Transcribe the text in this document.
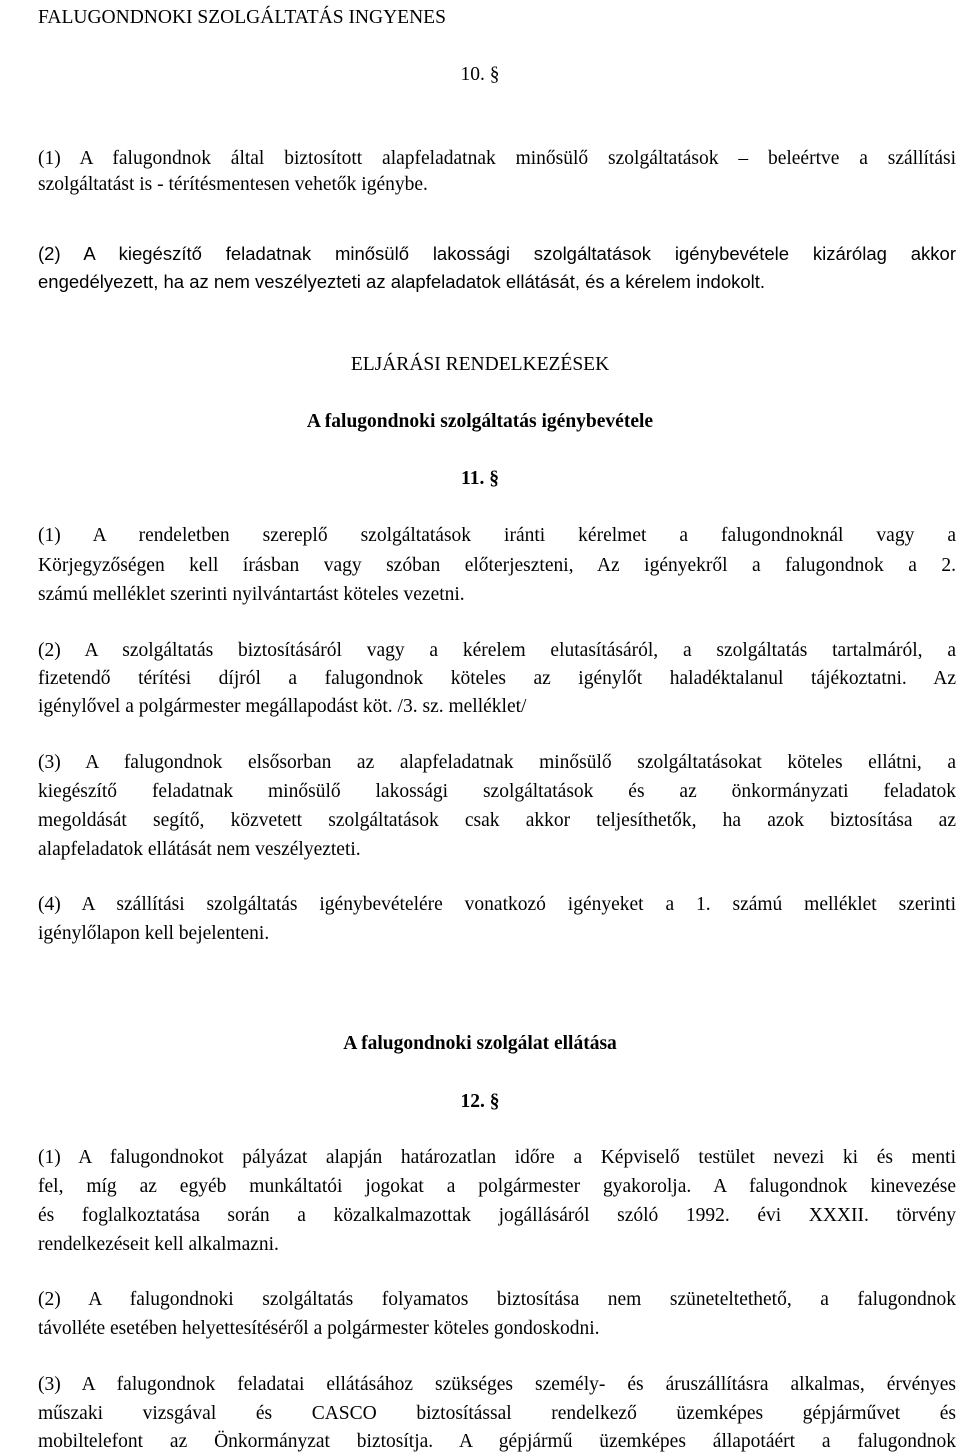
FALUGONDNOKI SZOLGÁLTATÁS INGYENES
10. §
(1) A falugondnok által biztosított alapfeladatnak minősülő szolgáltatások – beleértve a szállítási
szolgáltatást is - térítésmentesen vehetők igénybe.
(2) A kiegészítő feladatnak minősülő lakossági szolgáltatások igénybevétele kizárólag akkor
engedélyezett, ha az nem veszélyezteti az alapfeladatok ellátását, és a kérelem indokolt.
ELJÁRÁSI RENDELKEZÉSEK
A falugondnoki szolgáltatás igénybevétele
11. §
(1) A rendeletben szereplő szolgáltatások iránti kérelmet a falugondnoknál vagy a
Körjegyzőségen kell írásban vagy szóban előterjeszteni, Az igényekről a falugondnok a 2.
számú melléklet szerinti nyilvántartást köteles vezetni.
(2) A szolgáltatás biztosításáról vagy a kérelem elutasításáról, a szolgáltatás tartalmáról, a
fizetendő térítési díjról a falugondnok köteles az igénylőt haladéktalanul tájékoztatni. Az
igénylővel a polgármester megállapodást köt. /3. sz. melléklet/
(3) A falugondnok elsősorban az alapfeladatnak minősülő szolgáltatásokat köteles ellátni, a
kiegészítő feladatnak minősülő lakossági szolgáltatások és az önkormányzati feladatok
megoldását segítő, közvetett szolgáltatások csak akkor teljesíthetők, ha azok biztosítása az
alapfeladatok ellátását nem veszélyezteti.
(4) A szállítási szolgáltatás igénybevételére vonatkozó igényeket a 1. számú melléklet szerinti
igénylőlapon kell bejelenteni.
A falugondnoki szolgálat ellátása
12. §
(1) A falugondnokot pályázat alapján határozatlan időre a Képviselő testület nevezi ki és menti
fel, míg az egyéb munkáltatói jogokat a polgármester gyakorolja. A falugondnok kinevezése
és foglalkoztatása során a közalkalmazottak jogállásáról szóló 1992. évi XXXII. törvény
rendelkezéseit kell alkalmazni.
(2) A falugondnoki szolgáltatás folyamatos biztosítása nem szüneteltethető, a falugondnok
távolléte esetében helyettesítéséről a polgármester köteles gondoskodni.
(3) A falugondnok feladatai ellátásához szükséges személy- és áruszállításra alkalmas, érvényes
műszaki vizsgával és CASCO biztosítással rendelkező üzemképes gépjárművet és
mobiltelefont az Önkormányzat biztosítja. A gépjármű üzemképes állapotáért a falugondnok
